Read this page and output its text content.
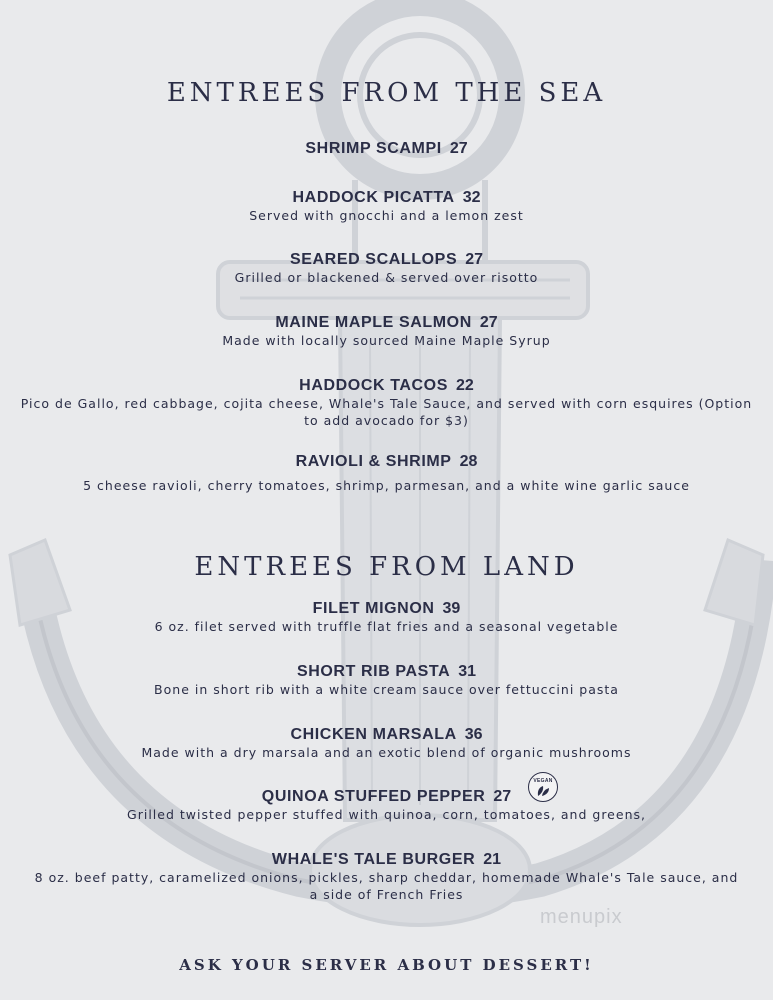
ENTREES FROM THE SEA
SHRIMP SCAMPI 27
HADDOCK PICATTA 32
Served with gnocchi and a lemon zest
SEARED SCALLOPS 27
Grilled or blackened & served over risotto
MAINE MAPLE SALMON 27
Made with locally sourced Maine Maple Syrup
HADDOCK TACOS 22
Pico de Gallo, red cabbage, cojita cheese, Whale's Tale Sauce, and served with corn esquires (Option to add avocado for $3)
RAVIOLI & SHRIMP 28
5 cheese ravioli, cherry tomatoes, shrimp, parmesan, and a white wine garlic sauce
ENTREES FROM LAND
FILET MIGNON 39
6 oz. filet served with truffle flat fries and a seasonal vegetable
SHORT RIB PASTA 31
Bone in short rib with a white cream sauce over fettuccini pasta
CHICKEN MARSALA 36
Made with a dry marsala and an exotic blend of organic mushrooms
QUINOA STUFFED PEPPER 27
Grilled twisted pepper stuffed with quinoa, corn, tomatoes, and greens,
VEGAN
WHALE'S TALE BURGER 21
8 oz. beef patty, caramelized onions, pickles, sharp cheddar, homemade Whale's Tale sauce, and a side of French Fries
menupix
ASK YOUR SERVER ABOUT DESSERT!
